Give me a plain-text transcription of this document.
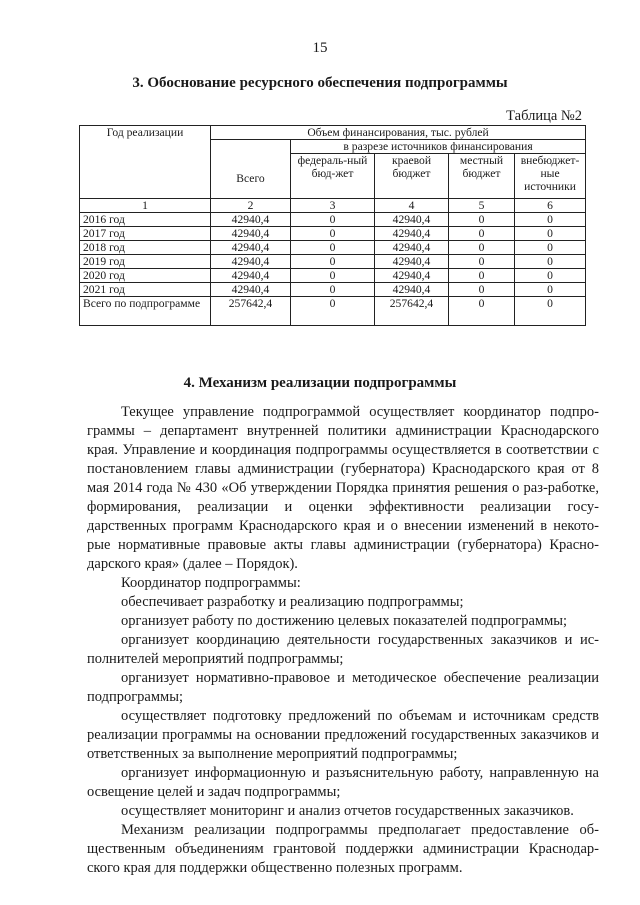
15
3. Обоснование ресурсного обеспечения подпрограммы
Таблица №2
Год реализации	Объем финансирования, тыс. рублей				
	Всего	в разрезе источников финансирования			
		федераль-ный бюд-жет	краевой бюджет	местный бюджет	внебюджет-ные источники
1	2	3	4	5	6
2016 год	42940,4	0	42940,4	0	0
2017 год	42940,4	0	42940,4	0	0
2018 год	42940,4	0	42940,4	0	0
2019 год	42940,4	0	42940,4	0	0
2020 год	42940,4	0	42940,4	0	0
2021 год	42940,4	0	42940,4	0	0
Всего по подпрограмме	257642,4	0	257642,4	0	0
4. Механизм реализации подпрограммы

Текущее управление подпрограммой осуществляет координатор подпро-граммы – департамент внутренней политики администрации Краснодарского края. Управление и координация подпрограммы осуществляется в соответствии с постановлением главы администрации (губернатора) Краснодарского края от 8 мая 2014 года № 430 «Об утверждении Порядка принятия решения о раз-работке, формирования, реализации и оценки эффективности реализации госу-дарственных программ Краснодарского края и о внесении изменений в некото-рые нормативные правовые акты главы администрации (губернатора) Красно-дарского края» (далее – Порядок).

Координатор подпрограммы:

обеспечивает разработку и реализацию подпрограммы;

организует работу по достижению целевых показателей подпрограммы;

организует координацию деятельности государственных заказчиков и ис-полнителей мероприятий подпрограммы;

организует нормативно-правовое и методическое обеспечение реализации подпрограммы;

осуществляет подготовку предложений по объемам и источникам средств реализации программы на основании предложений государственных заказчиков и ответственных за выполнение мероприятий подпрограммы;

организует информационную и разъяснительную работу, направленную на освещение целей и задач подпрограммы;

осуществляет мониторинг и анализ отчетов государственных заказчиков.

Механизм реализации подпрограммы предполагает предоставление об-щественным объединениям грантовой поддержки администрации Краснодар-ского края для поддержки общественно полезных программ.
